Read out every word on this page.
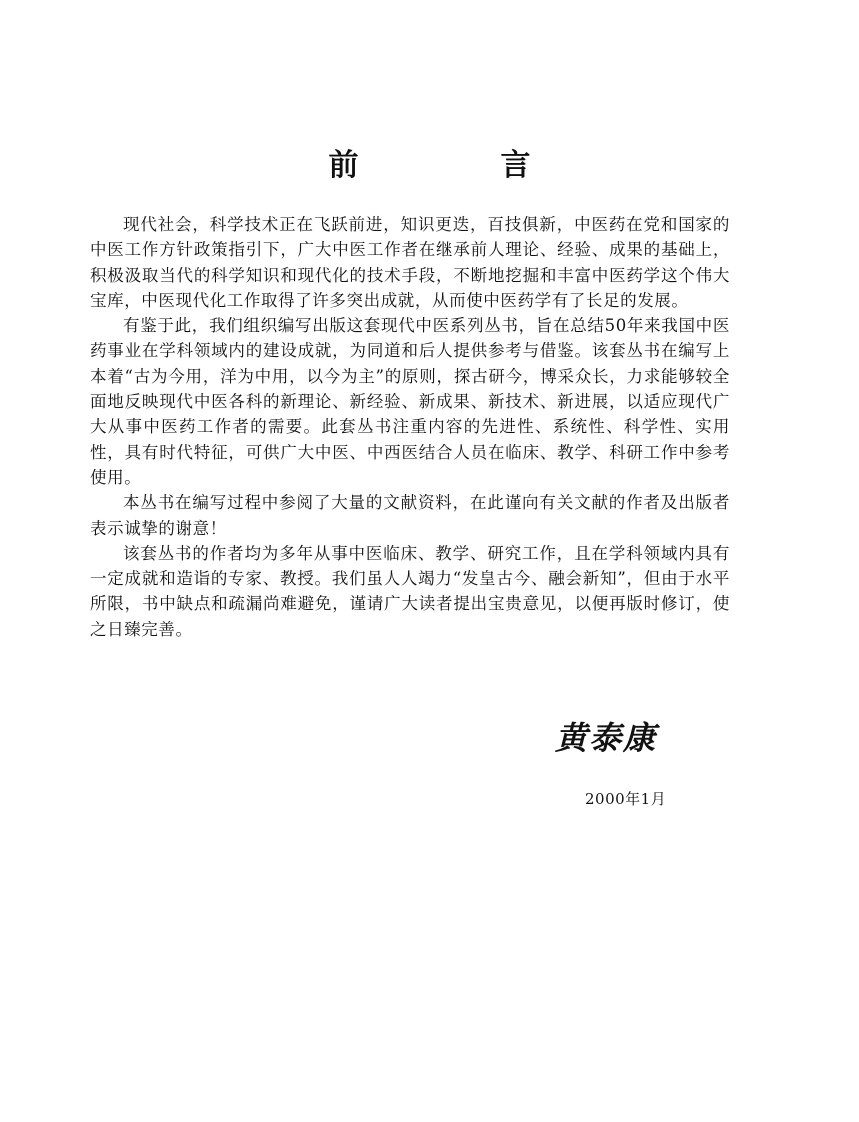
前　言

现代社会，科学技术正在飞跃前进，知识更迭，百技俱新，中医药在党和国家的中医工作方针政策指引下，广大中医工作者在继承前人理论、经验、成果的基础上，积极汲取当代的科学知识和现代化的技术手段，不断地挖掘和丰富中医药学这个伟大宝库，中医现代化工作取得了许多突出成就，从而使中医药学有了长足的发展。

有鉴于此，我们组织编写出版这套现代中医系列丛书，旨在总结50年来我国中医药事业在学科领域内的建设成就，为同道和后人提供参考与借鉴。该套丛书在编写上本着“古为今用，洋为中用，以今为主”的原则，探古研今，博采众长，力求能够较全面地反映现代中医各科的新理论、新经验、新成果、新技术、新进展，以适应现代广大从事中医药工作者的需要。此套丛书注重内容的先进性、系统性、科学性、实用性，具有时代特征，可供广大中医、中西医结合人员在临床、教学、科研工作中参考使用。

本丛书在编写过程中参阅了大量的文献资料，在此谨向有关文献的作者及出版者表示诚挚的谢意！

该套丛书的作者均为多年从事中医临床、教学、研究工作，且在学科领域内具有一定成就和造诣的专家、教授。我们虽人人竭力“发皇古今、融会新知”，但由于水平所限，书中缺点和疏漏尚难避免，谨请广大读者提出宝贵意见，以便再版时修订，使之日臻完善。

黄泰康
2000年1月
